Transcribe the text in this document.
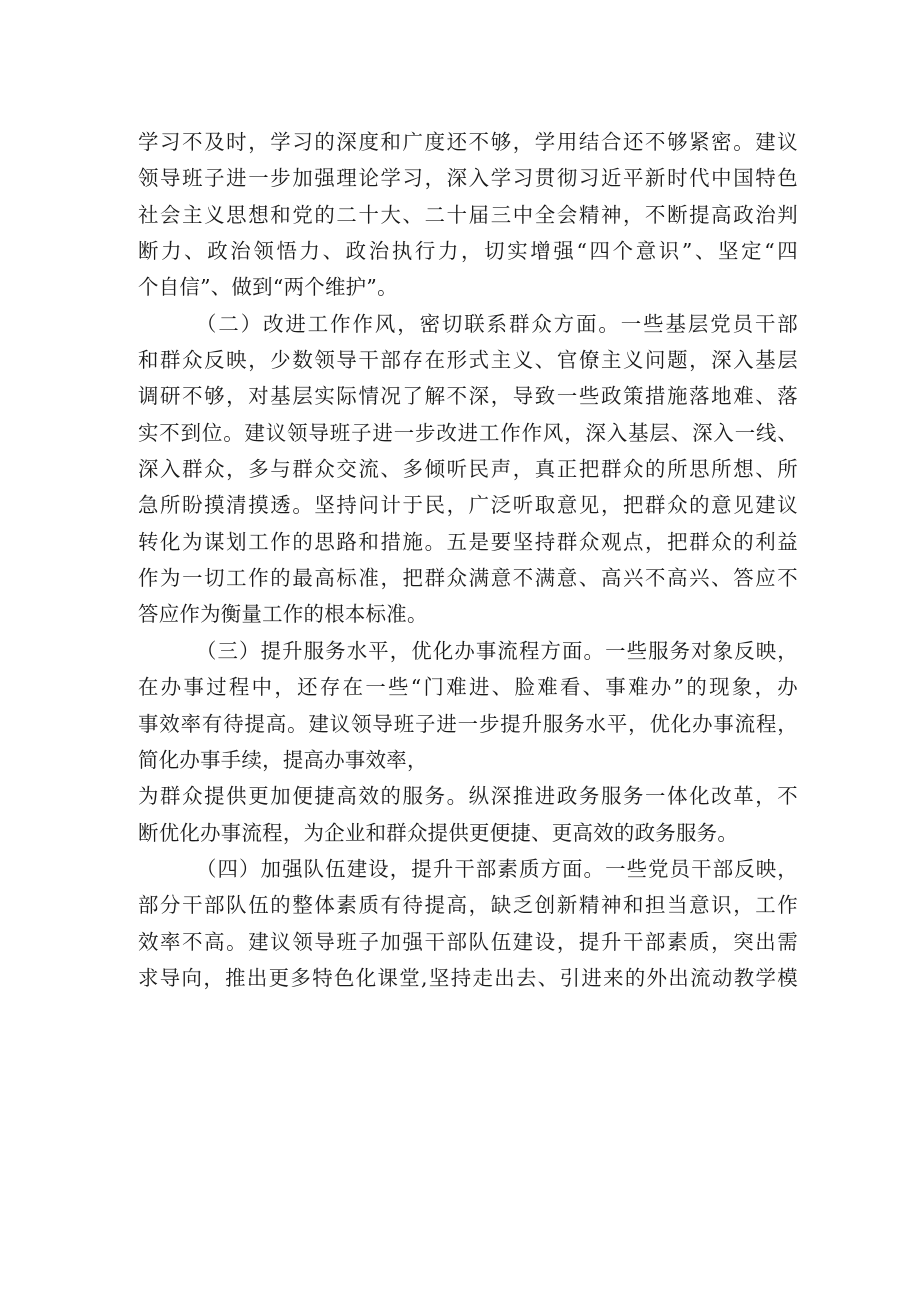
学习不及时，学习的深度和广度还不够，学用结合还不够紧密。建议
领导班子进一步加强理论学习，深入学习贯彻习近平新时代中国特色
社会主义思想和党的二十大、二十届三中全会精神，不断提高政治判
断力、政治领悟力、政治执行力，切实增强“四个意识”、坚定“四
个自信”、做到“两个维护”。
（二）改进工作作风，密切联系群众方面。一些基层党员干部
和群众反映，少数领导干部存在形式主义、官僚主义问题，深入基层
调研不够，对基层实际情况了解不深，导致一些政策措施落地难、落
实不到位。建议领导班子进一步改进工作作风，深入基层、深入一线、
深入群众，多与群众交流、多倾听民声，真正把群众的所思所想、所
急所盼摸清摸透。坚持问计于民，广泛听取意见，把群众的意见建议
转化为谋划工作的思路和措施。五是要坚持群众观点，把群众的利益
作为一切工作的最高标准，把群众满意不满意、高兴不高兴、答应不
答应作为衡量工作的根本标准。
（三）提升服务水平，优化办事流程方面。一些服务对象反映，
在办事过程中，还存在一些“门难进、脸难看、事难办”的现象，办
事效率有待提高。建议领导班子进一步提升服务水平，优化办事流程，
简化办事手续，提高办事效率，
为群众提供更加便捷高效的服务。纵深推进政务服务一体化改革，不
断优化办事流程，为企业和群众提供更便捷、更高效的政务服务。
（四）加强队伍建设，提升干部素质方面。一些党员干部反映，
部分干部队伍的整体素质有待提高，缺乏创新精神和担当意识，工作
效率不高。建议领导班子加强干部队伍建设，提升干部素质，突出需
求导向，推出更多特色化课堂,坚持走出去、引进来的外出流动教学模
